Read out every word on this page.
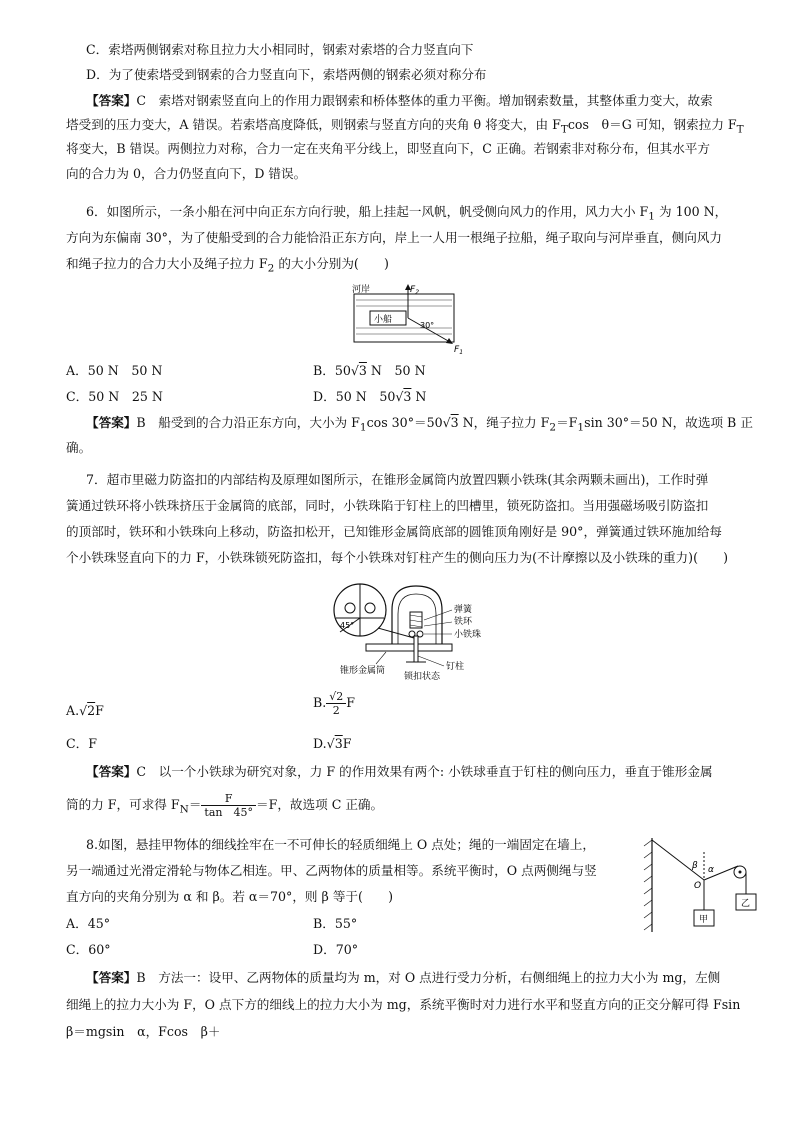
C．索塔两侧钢索对称且拉力大小相同时，钢索对索塔的合力竖直向下
D．为了使索塔受到钢索的合力竖直向下，索塔两侧的钢索必须对称分布
【答案】C　索塔对钢索竖直向上的作用力跟钢索和桥体整体的重力平衡。增加钢索数量，其整体重力变大，故索
塔受到的压力变大，A 错误。若索塔高度降低，则钢索与竖直方向的夹角 θ 将变大，由 $F_T\cos$　θ＝G 可知，钢索拉力 $F_T$
将变大，B 错误。两侧拉力对称，合力一定在夹角平分线上，即竖直向下，C 正确。若钢索非对称分布，但其水平方
向的合力为 0，合力仍竖直向下，D 错误。
6．如图所示，一条小船在河中向正东方向行驶，船上挂起一风帆，帆受侧向风力的作用，风力大小 $F_1$ 为 100 N，
方向为东偏南 30°，为了使船受到的合力能恰沿正东方向，岸上一人用一根绳子拉船，绳子取向与河岸垂直，侧向风力
和绳子拉力的合力大小及绳子拉力 $F_2$ 的大小分别为(　　)
河岸	$F_2$
小船
30°
$F_1$
A．50 N　50 N	B．50√3 N　50 N
C．50 N　25 N	D．50 N　50√3 N
【答案】B　船受到的合力沿正东方向，大小为 $F_1\cos$ 30°＝50√3 N，绳子拉力 $F_2=F_1\sin$ 30°＝50 N，故选项 B 正
确。
7．超市里磁力防盗扣的内部结构及原理如图所示，在锥形金属筒内放置四颗小铁珠(其余两颗未画出)，工作时弹
簧通过铁环将小铁珠挤压于金属筒的底部，同时，小铁珠陷于钉柱上的凹槽里，锁死防盗扣。当用强磁场吸引防盗扣
的顶部时，铁环和小铁珠向上移动，防盗扣松开，已知锥形金属筒底部的圆锥顶角刚好是 90°，弹簧通过铁环施加给每
个小铁珠竖直向下的力 F，小铁珠锁死防盗扣，每个小铁珠对钉柱产生的侧向压力为(不计摩擦以及小铁珠的重力)(　　)
45°
弹簧
铁环
小铁珠
锥形金属筒	钉柱
锁扣状态
A.√2F
B. $\frac{√2}{2}$ F
C．F	D.√3F
【答案】C　以一个小铁球为研究对象，力 F 的作用效果有两个: 小铁球垂直于钉柱的侧向压力，垂直于锥形金属
筒的力 F，可求得 $F_N= \frac{F}{\tan 45^\circ} =F$，故选项 C 正确。
8.如图，悬挂甲物体的细线拴牢在一不可伸长的轻质细绳上 O 点处；绳的一端固定在墙上，
另一端通过光滑定滑轮与物体乙相连。甲、乙两物体的质量相等。系统平衡时，O 点两侧绳与竖
直方向的夹角分别为 α 和 β。若 α＝70°，则 β 等于(　　)
β α
O
甲
乙
A．45°	B．55°
C．60°	D．70°
【答案】B　方法一：设甲、乙两物体的质量均为 m，对 O 点进行受力分析，右侧细绳上的拉力大小为 mg，左侧
细绳上的拉力大小为 F，O 点下方的细线上的拉力大小为 mg，系统平衡时对力进行水平和竖直方向的正交分解可得 Fsin
β＝mgsin　α，Fcos　β＋
